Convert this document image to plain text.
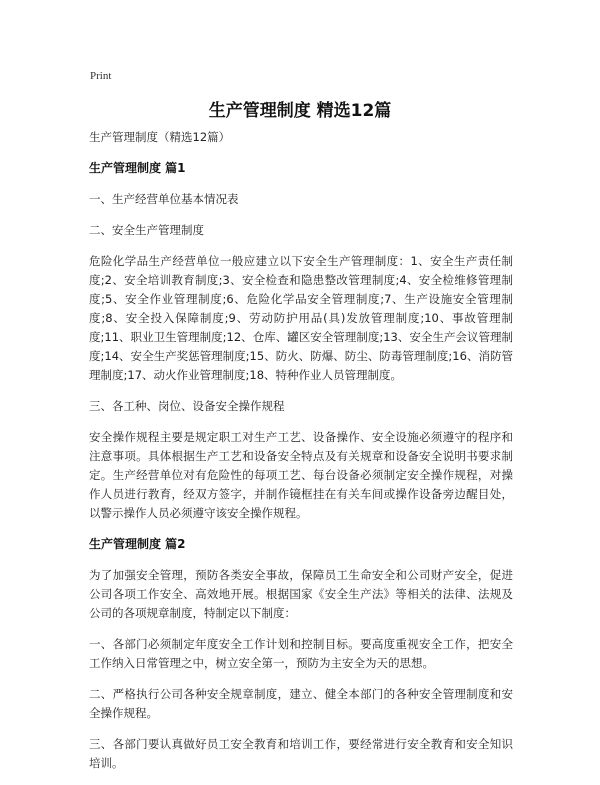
Print
生产管理制度 精选12篇

生产管理制度（精选12篇）

生产管理制度 篇1

一、生产经营单位基本情况表

二、安全生产管理制度

危险化学品生产经营单位一般应建立以下安全生产管理制度：1、安全生产责任制度;2、安全培训教育制度;3、安全检查和隐患整改管理制度;4、安全检维修管理制度;5、安全作业管理制度;6、危险化学品安全管理制度;7、生产设施安全管理制度;8、安全投入保障制度;9、劳动防护用品(具)发放管理制度;10、事故管理制度;11、职业卫生管理制度;12、仓库、罐区安全管理制度;13、安全生产会议管理制度;14、安全生产奖惩管理制度;15、防火、防爆、防尘、防毒管理制度;16、消防管理制度;17、动火作业管理制度;18、特种作业人员管理制度。

三、各工种、岗位、设备安全操作规程

安全操作规程主要是规定职工对生产工艺、设备操作、安全设施必须遵守的程序和注意事项。具体根据生产工艺和设备安全特点及有关规章和设备安全说明书要求制定。生产经营单位对有危险性的每项工艺、每台设备必须制定安全操作规程，对操作人员进行教育，经双方签字，并制作镜框挂在有关车间或操作设备旁边醒目处，以警示操作人员必须遵守该安全操作规程。

生产管理制度 篇2

为了加强安全管理，预防各类安全事故，保障员工生命安全和公司财产安全，促进公司各项工作安全、高效地开展。根据国家《安全生产法》等相关的法律、法规及公司的各项规章制度，特制定以下制度：

一、各部门必须制定年度安全工作计划和控制目标。要高度重视安全工作，把安全工作纳入日常管理之中，树立安全第一，预防为主安全为天的思想。

二、严格执行公司各种安全规章制度，建立、健全本部门的各种安全管理制度和安全操作规程。

三、各部门要认真做好员工安全教育和培训工作，要经常进行安全教育和安全知识培训。
